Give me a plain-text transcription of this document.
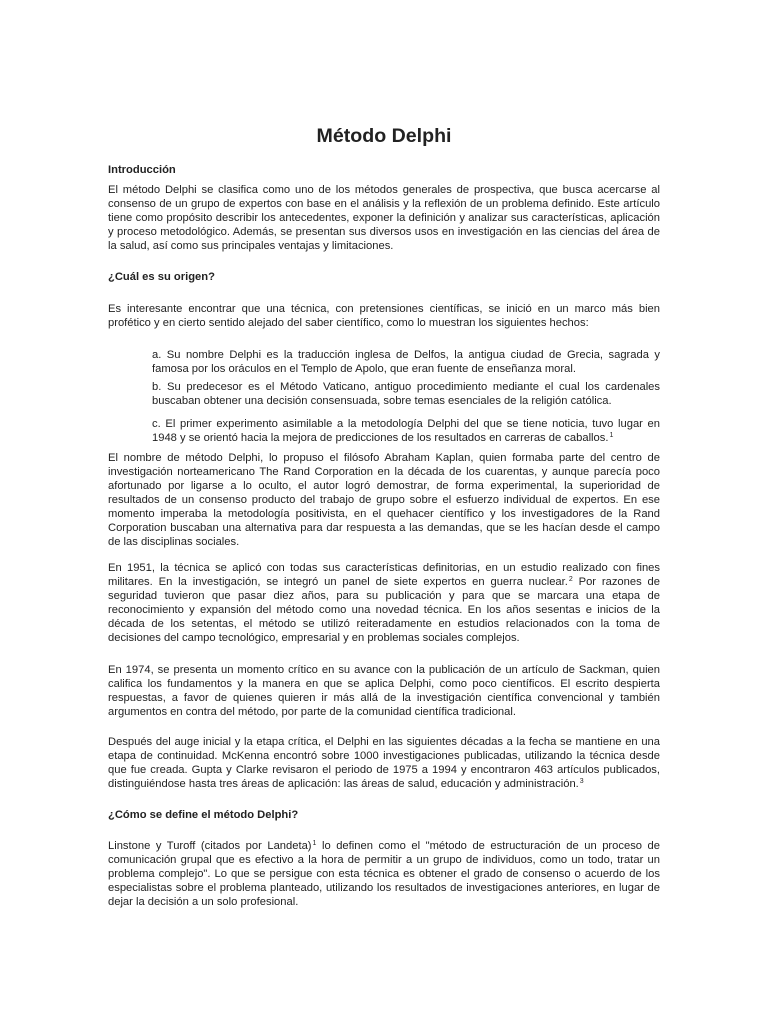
Método Delphi
Introducción
El método Delphi se clasifica como uno de los métodos generales de prospectiva, que busca acercarse al
consenso de un grupo de expertos con base en el análisis y la reflexión de un problema definido. Este artículo
tiene como propósito describir los antecedentes, exponer la definición y analizar sus características, aplicación
y proceso metodológico. Además, se presentan sus diversos usos en investigación en las ciencias del área de
la salud, así como sus principales ventajas y limitaciones.
¿Cuál es su origen?
Es interesante encontrar que una técnica, con pretensiones científicas, se inició en un marco más bien
profético y en cierto sentido alejado del saber científico, como lo muestran los siguientes hechos:
a. Su nombre Delphi es la traducción inglesa de Delfos, la antigua ciudad de Grecia, sagrada y
famosa por los oráculos en el Templo de Apolo, que eran fuente de enseñanza moral.
b. Su predecesor es el Método Vaticano, antiguo procedimiento mediante el cual los cardenales
buscaban obtener una decisión consensuada, sobre temas esenciales de la religión católica.
c. El primer experimento asimilable a la metodología Delphi del que se tiene noticia, tuvo lugar en
1948 y se orientó hacia la mejora de predicciones de los resultados en carreras de caballos.$^1$
El nombre de método Delphi, lo propuso el filósofo Abraham Kaplan, quien formaba parte del centro de
investigación norteamericano The Rand Corporation en la década de los cuarentas, y aunque parecía poco
afortunado por ligarse a lo oculto, el autor logró demostrar, de forma experimental, la superioridad de
resultados de un consenso producto del trabajo de grupo sobre el esfuerzo individual de expertos. En ese
momento imperaba la metodología positivista, en el quehacer científico y los investigadores de la Rand
Corporation buscaban una alternativa para dar respuesta a las demandas, que se les hacían desde el campo
de las disciplinas sociales.
En 1951, la técnica se aplicó con todas sus características definitorias, en un estudio realizado con fines
militares. En la investigación, se integró un panel de siete expertos en guerra nuclear.$^2$ Por razones de
seguridad tuvieron que pasar diez años, para su publicación y para que se marcara una etapa de
reconocimiento y expansión del método como una novedad técnica. En los años sesentas e inicios de la
década de los setentas, el método se utilizó reiteradamente en estudios relacionados con la toma de
decisiones del campo tecnológico, empresarial y en problemas sociales complejos.
En 1974, se presenta un momento crítico en su avance con la publicación de un artículo de Sackman, quien
califica los fundamentos y la manera en que se aplica Delphi, como poco científicos. El escrito despierta
respuestas, a favor de quienes quieren ir más allá de la investigación científica convencional y también
argumentos en contra del método, por parte de la comunidad científica tradicional.
Después del auge inicial y la etapa crítica, el Delphi en las siguientes décadas a la fecha se mantiene en una
etapa de continuidad. McKenna encontró sobre 1000 investigaciones publicadas, utilizando la técnica desde
que fue creada. Gupta y Clarke revisaron el periodo de 1975 a 1994 y encontraron 463 artículos publicados,
distinguiéndose hasta tres áreas de aplicación: las áreas de salud, educación y administración.$^3$
¿Cómo se define el método Delphi?
Linstone y Turoff (citados por Landeta)$^1$ lo definen como el "método de estructuración de un proceso de
comunicación grupal que es efectivo a la hora de permitir a un grupo de individuos, como un todo, tratar un
problema complejo". Lo que se persigue con esta técnica es obtener el grado de consenso o acuerdo de los
especialistas sobre el problema planteado, utilizando los resultados de investigaciones anteriores, en lugar de
dejar la decisión a un solo profesional.
